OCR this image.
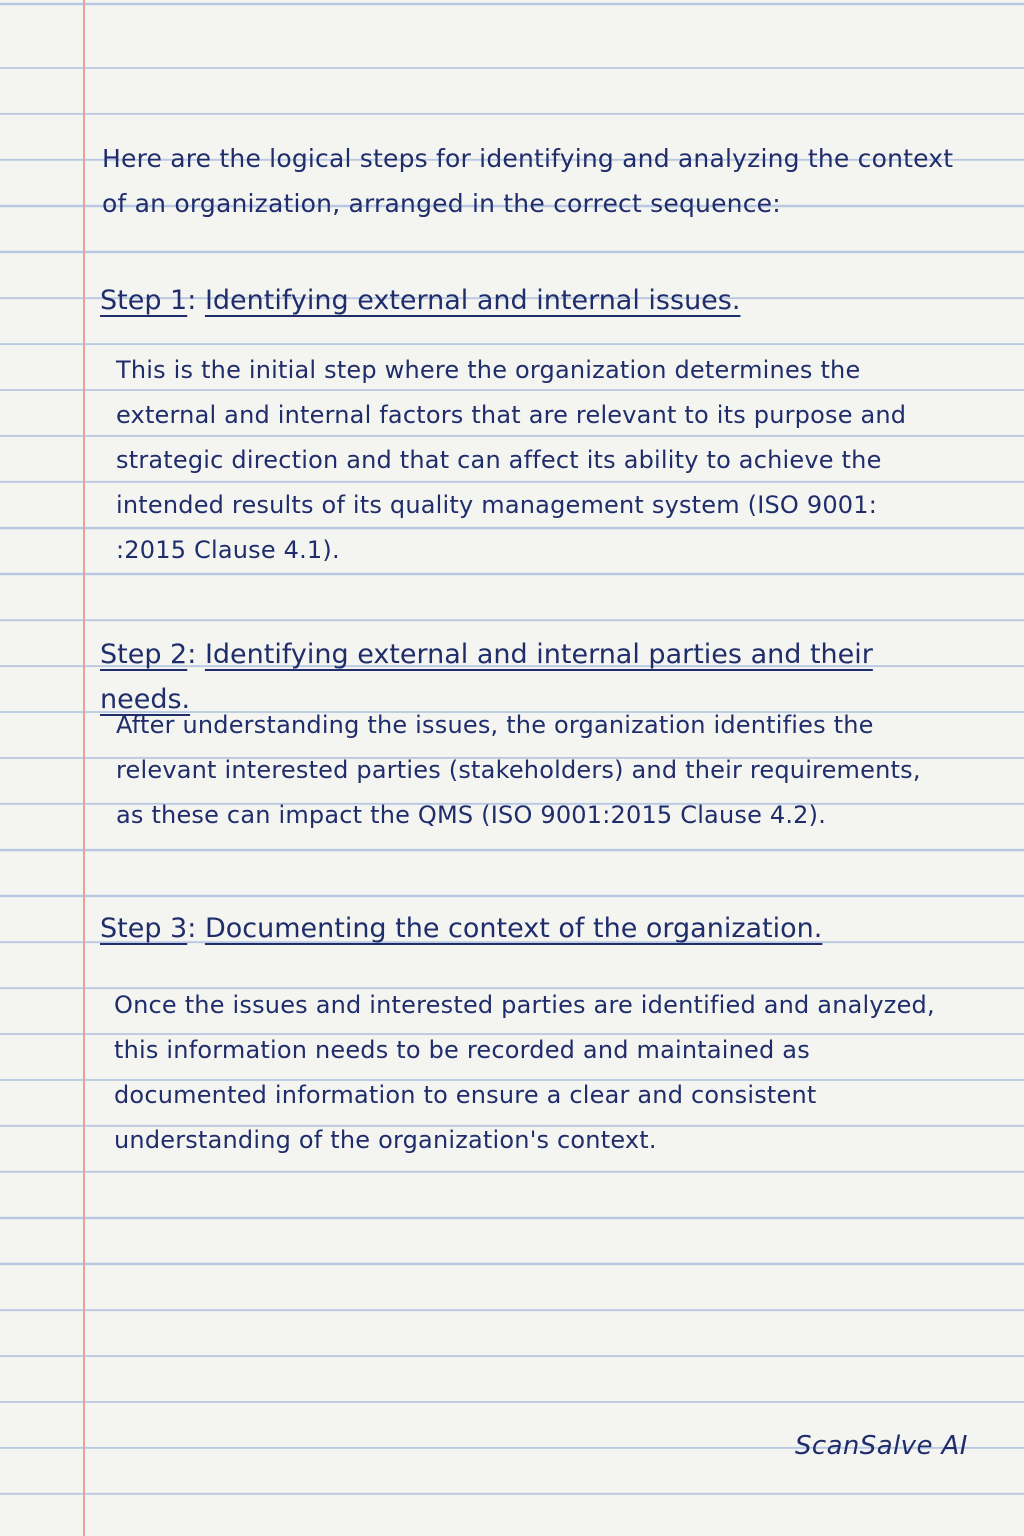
Here are the logical steps for identifying and analyzing the context of an organization, arranged in the correct sequence:
Step 1: Identifying external and internal issues.
This is the initial step where the organization determines the external and internal factors that are relevant to its purpose and strategic direction and that can affect its ability to achieve the intended results of its quality management system (ISO 9001: :2015 Clause 4.1).
Step 2: Identifying external and internal parties and their needs.
After understanding the issues, the organization identifies the relevant interested parties (stakeholders) and their requirements, as these can impact the QMS (ISO 9001:2015 Clause 4.2).
Step 3: Documenting the context of the organization.
Once the issues and interested parties are identified and analyzed, this information needs to be recorded and maintained as documented information to ensure a clear and consistent understanding of the organization's context.
ScanSalve AI
